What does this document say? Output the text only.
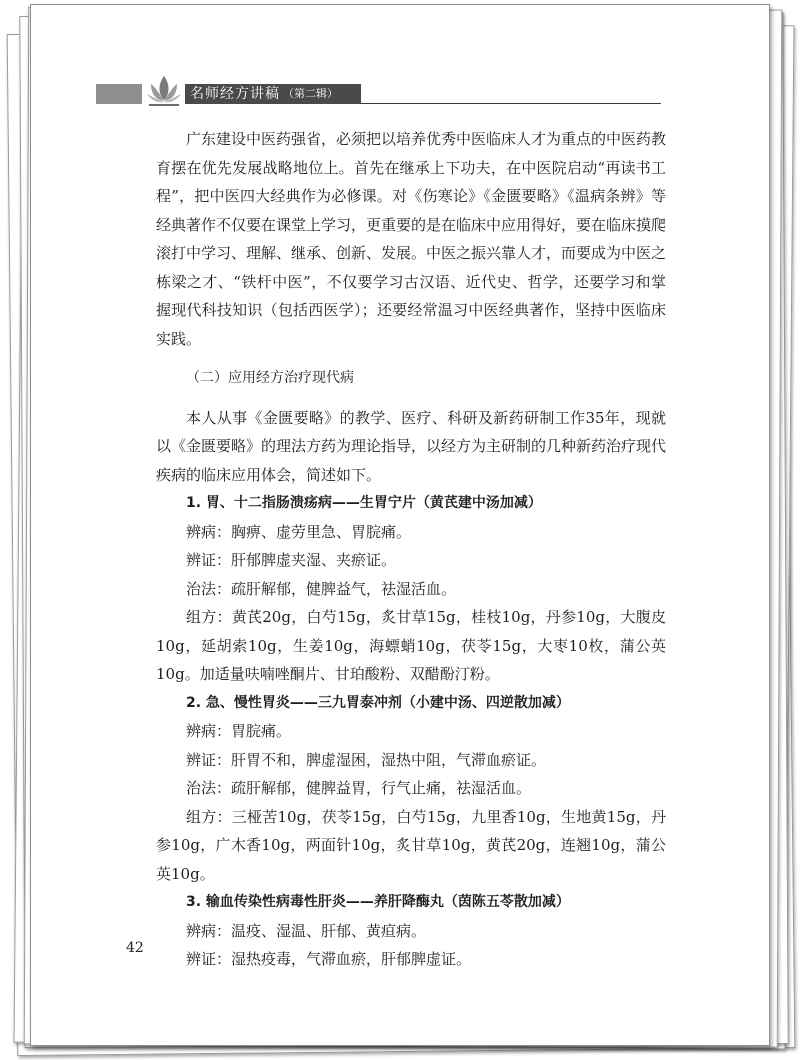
名师经方讲稿 （第二辑）

广东建设中医药强省，必须把以培养优秀中医临床人才为重点的中医药教育摆在优先发展战略地位上。首先在继承上下功夫，在中医院启动“再读书工程”，把中医四大经典作为必修课。对《伤寒论》《金匮要略》《温病条辨》等经典著作不仅要在课堂上学习，更重要的是在临床中应用得好，要在临床摸爬滚打中学习、理解、继承、创新、发展。中医之振兴靠人才，而要成为中医之栋梁之才、“铁杆中医”，不仅要学习古汉语、近代史、哲学，还要学习和掌握现代科技知识（包括西医学）；还要经常温习中医经典著作，坚持中医临床实践。

（二）应用经方治疗现代病

本人从事《金匮要略》的教学、医疗、科研及新药研制工作35年，现就以《金匮要略》的理法方药为理论指导，以经方为主研制的几种新药治疗现代疾病的临床应用体会，简述如下。

1. 胃、十二指肠溃疡病——生胃宁片（黄芪建中汤加减）

辨病：胸痹、虚劳里急、胃脘痛。

辨证：肝郁脾虚夹湿、夹瘀证。

治法：疏肝解郁，健脾益气，祛湿活血。

组方：黄芪20g，白芍15g，炙甘草15g，桂枝10g，丹参10g，大腹皮10g，延胡索10g，生姜10g，海螵蛸10g，茯苓15g，大枣10枚，蒲公英10g。加适量呋喃唑酮片、甘珀酸粉、双醋酚汀粉。

2. 急、慢性胃炎——三九胃泰冲剂（小建中汤、四逆散加减）

辨病：胃脘痛。

辨证：肝胃不和，脾虚湿困，湿热中阻，气滞血瘀证。

治法：疏肝解郁，健脾益胃，行气止痛，祛湿活血。

组方：三桠苦10g，茯苓15g，白芍15g，九里香10g，生地黄15g，丹参10g，广木香10g，两面针10g，炙甘草10g，黄芪20g，连翘10g，蒲公英10g。

3. 输血传染性病毒性肝炎——养肝降酶丸（茵陈五苓散加减）

辨病：温疫、湿温、肝郁、黄疸病。

辨证：湿热疫毒，气滞血瘀，肝郁脾虚证。

42
